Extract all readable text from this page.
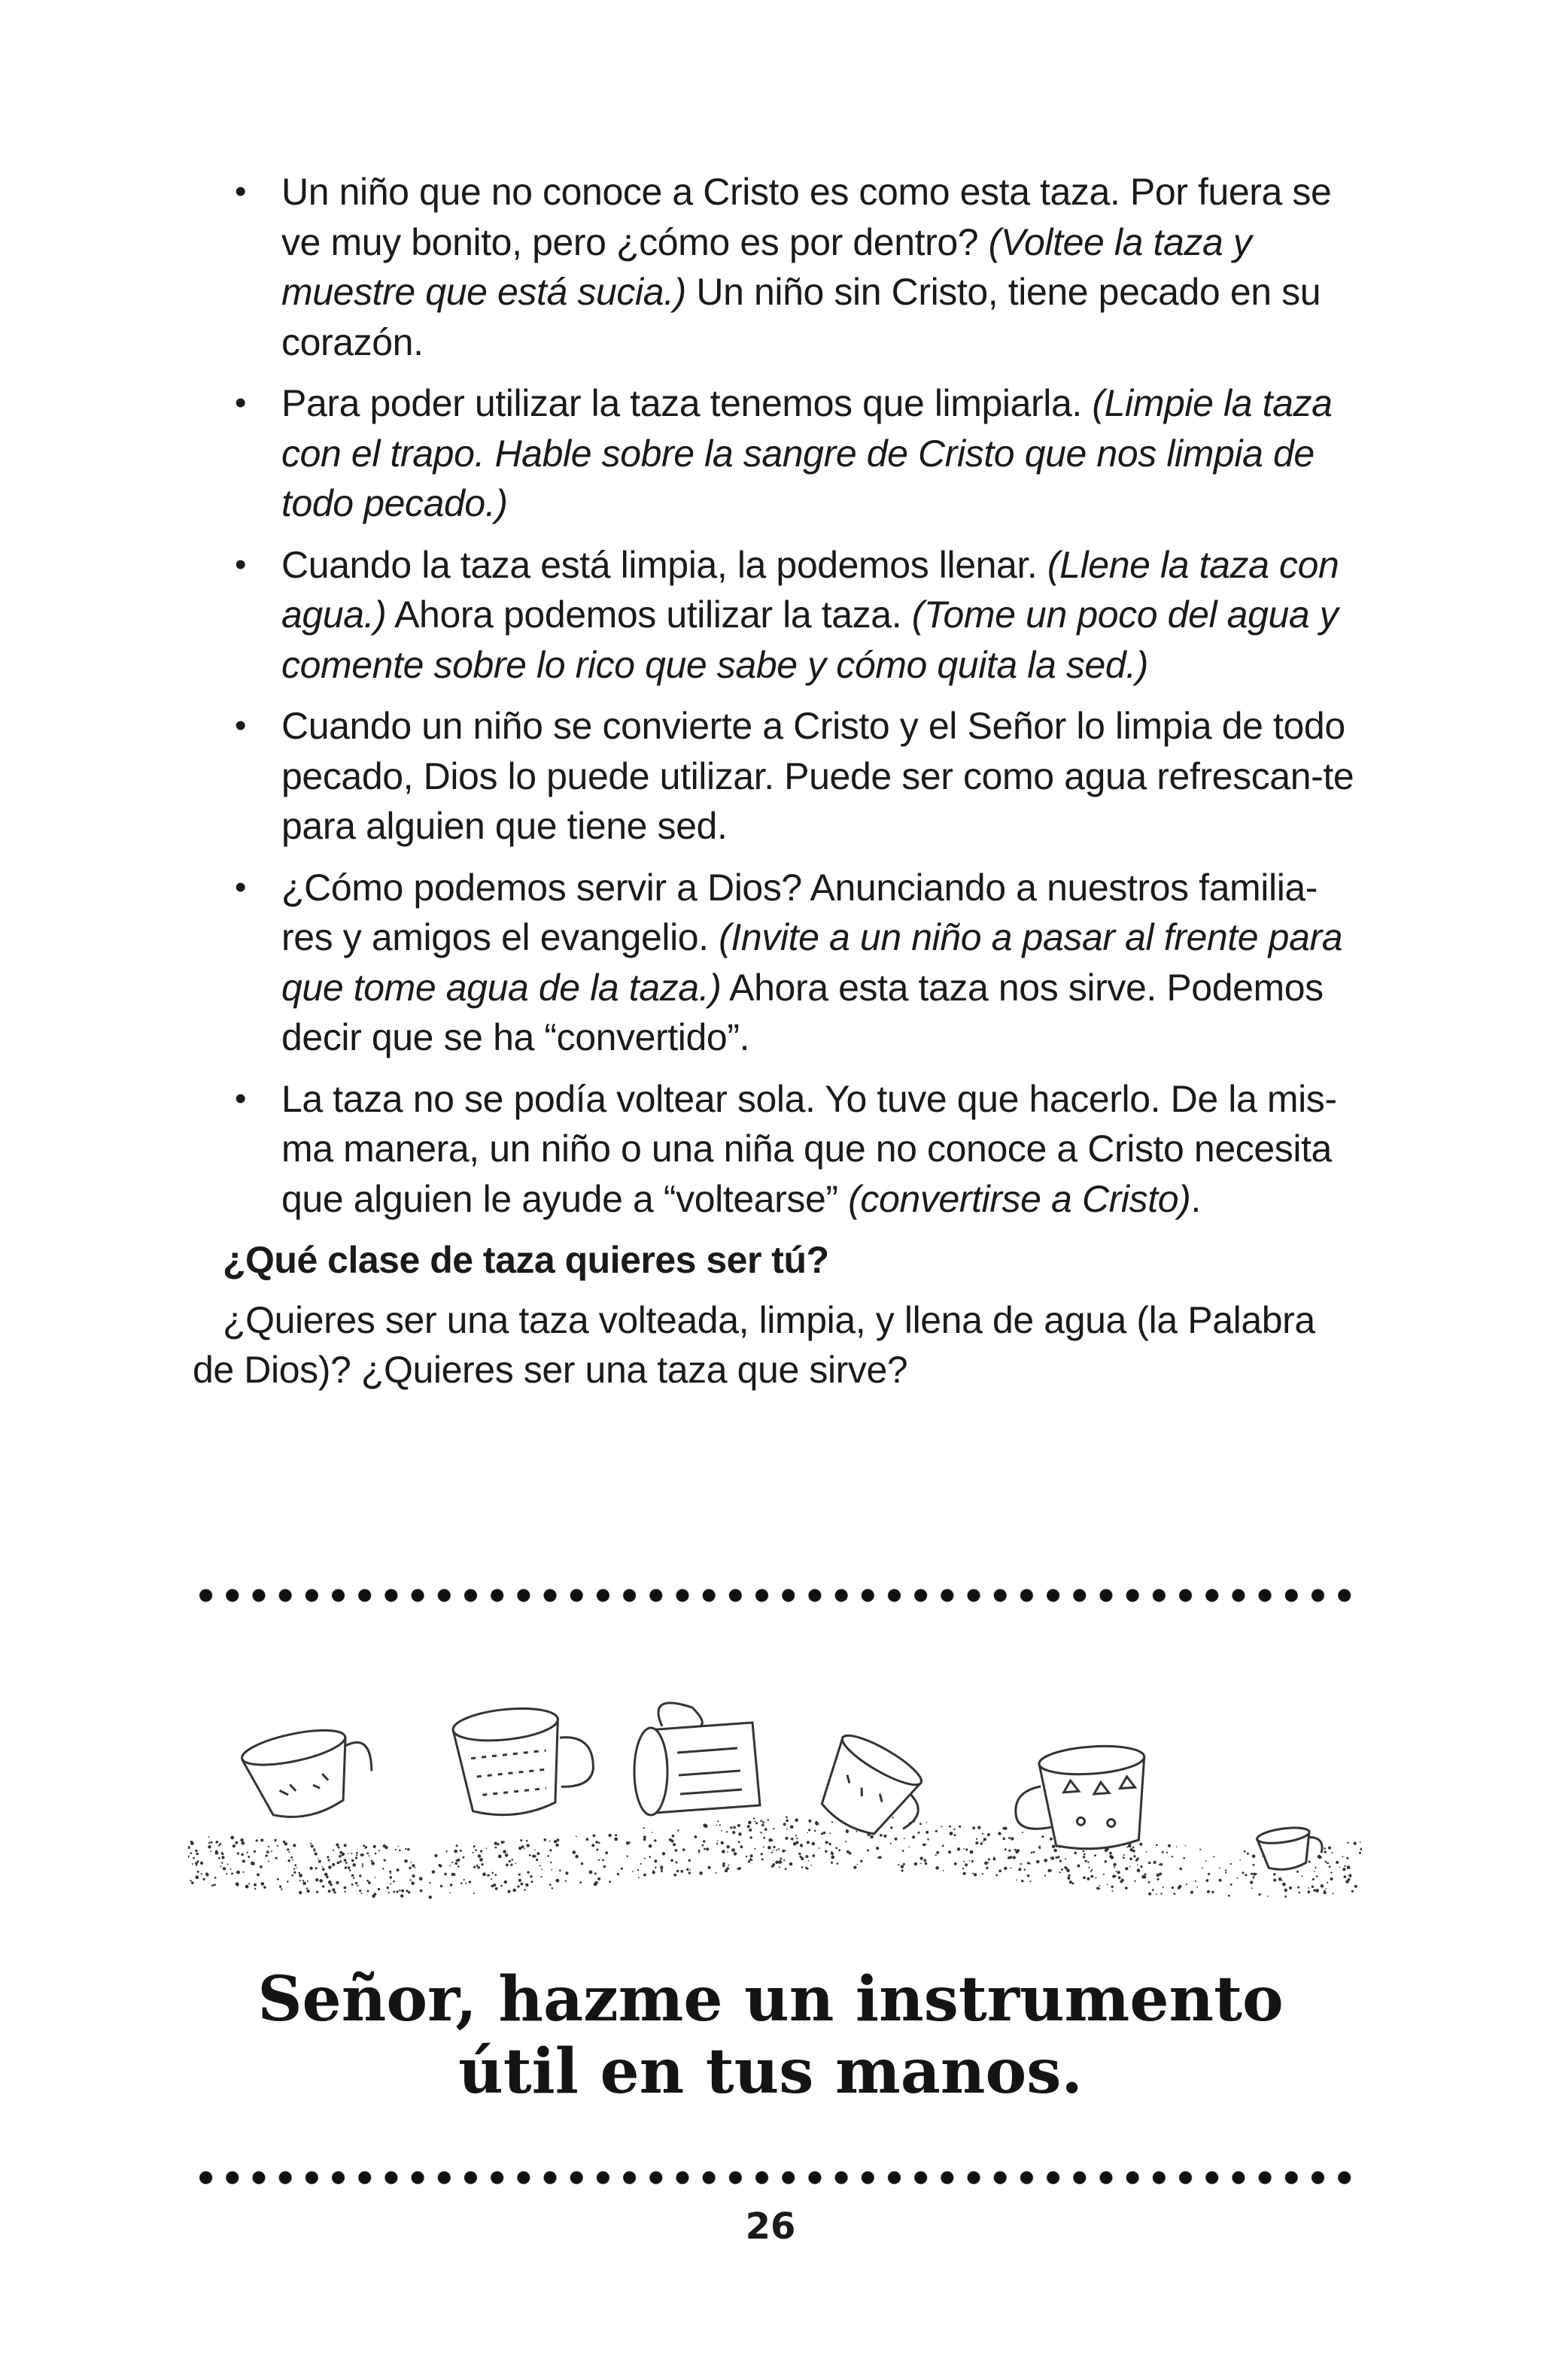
• Un niño que no conoce a Cristo es como esta taza. Por fuera se ve muy bonito, pero ¿cómo es por dentro? (Voltee la taza y muestre que está sucia.) Un niño sin Cristo, tiene pecado en su corazón.
• Para poder utilizar la taza tenemos que limpiarla. (Limpie la taza con el trapo. Hable sobre la sangre de Cristo que nos limpia de todo pecado.)
• Cuando la taza está limpia, la podemos llenar. (Llene la taza con agua.) Ahora podemos utilizar la taza. (Tome un poco del agua y comente sobre lo rico que sabe y cómo quita la sed.)
• Cuando un niño se convierte a Cristo y el Señor lo limpia de todo pecado, Dios lo puede utilizar. Puede ser como agua refrescan-te para alguien que tiene sed.
• ¿Cómo podemos servir a Dios? Anunciando a nuestros familia-res y amigos el evangelio. (Invite a un niño a pasar al frente para que tome agua de la taza.) Ahora esta taza nos sirve. Podemos decir que se ha “convertido”.
• La taza no se podía voltear sola. Yo tuve que hacerlo. De la mis-ma manera, un niño o una niña que no conoce a Cristo necesita que alguien le ayude a “voltearse” (convertirse a Cristo).
¿Qué clase de taza quieres ser tú?

¿Quieres ser una taza volteada, limpia, y llena de agua (la Palabra de Dios)? ¿Quieres ser una taza que sirve?

Señor, hazme un instrumento
útil en tus manos.
26
